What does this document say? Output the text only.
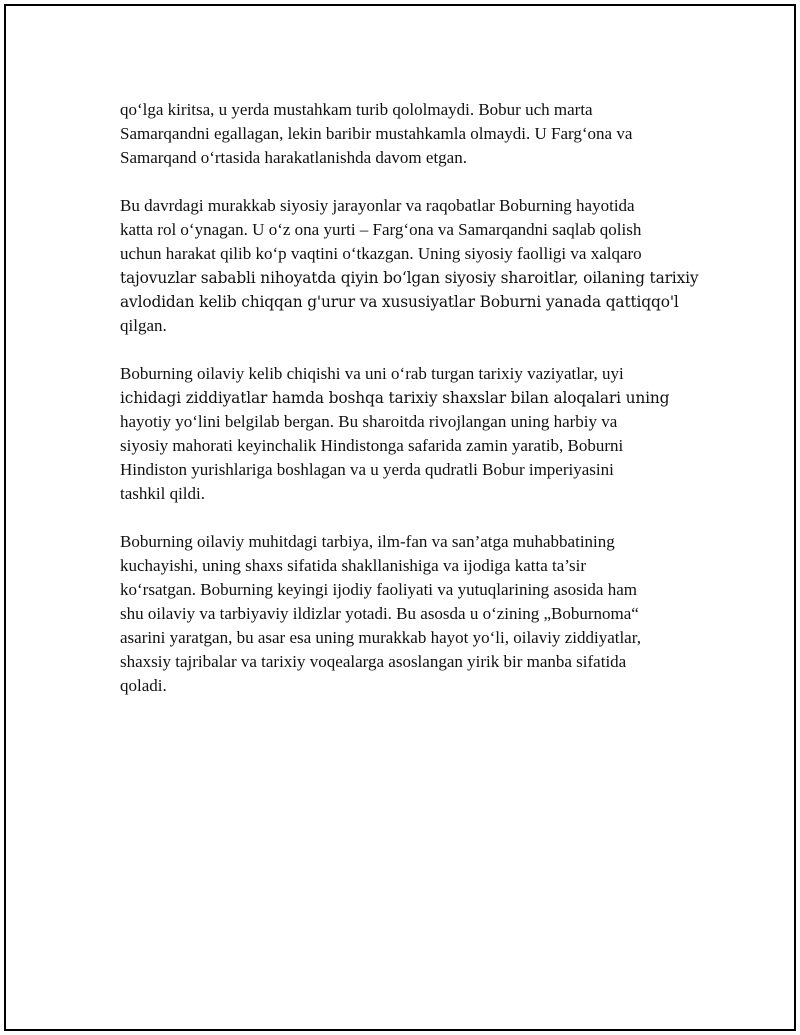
qo‘lga kiritsa, u yerda mustahkam turib qololmaydi. Bobur uch marta
Samarqandni egallagan, lekin baribir mustahkamla olmaydi. U Farg‘ona va
Samarqand o‘rtasida harakatlanishda davom etgan.

Bu davrdagi murakkab siyosiy jarayonlar va raqobatlar Boburning hayotida
katta rol o‘ynagan. U o‘z ona yurti – Farg‘ona va Samarqandni saqlab qolish
uchun harakat qilib ko‘p vaqtini o‘tkazgan. Uning siyosiy faolligi va xalqaro
tajovuzlar sababli nihoyatda qiyin bo‘lgan siyosiy sharoitlar, oilaning tarixiy
avlodidan kelib chiqqan g'urur va xususiyatlar Boburni yanada qattiqqo'l
qilgan.

Boburning oilaviy kelib chiqishi va uni o‘rab turgan tarixiy vaziyatlar, uyi
ichidagi ziddiyatlar hamda boshqa tarixiy shaxslar bilan aloqalari uning
hayotiy yo‘lini belgilab bergan. Bu sharoitda rivojlangan uning harbiy va
siyosiy mahorati keyinchalik Hindistonga safarida zamin yaratib, Boburni
Hindiston yurishlariga boshlagan va u yerda qudratli Bobur imperiyasini
tashkil qildi.

Boburning oilaviy muhitdagi tarbiya, ilm-fan va san’atga muhabbatining
kuchayishi, uning shaxs sifatida shakllanishiga va ijodiga katta ta’sir
ko‘rsatgan. Boburning keyingi ijodiy faoliyati va yutuqlarining asosida ham
shu oilaviy va tarbiyaviy ildizlar yotadi. Bu asosda u o‘zining „Boburnoma“
asarini yaratgan, bu asar esa uning murakkab hayot yo‘li, oilaviy ziddiyatlar,
shaxsiy tajribalar va tarixiy voqealarga asoslangan yirik bir manba sifatida
qoladi.
